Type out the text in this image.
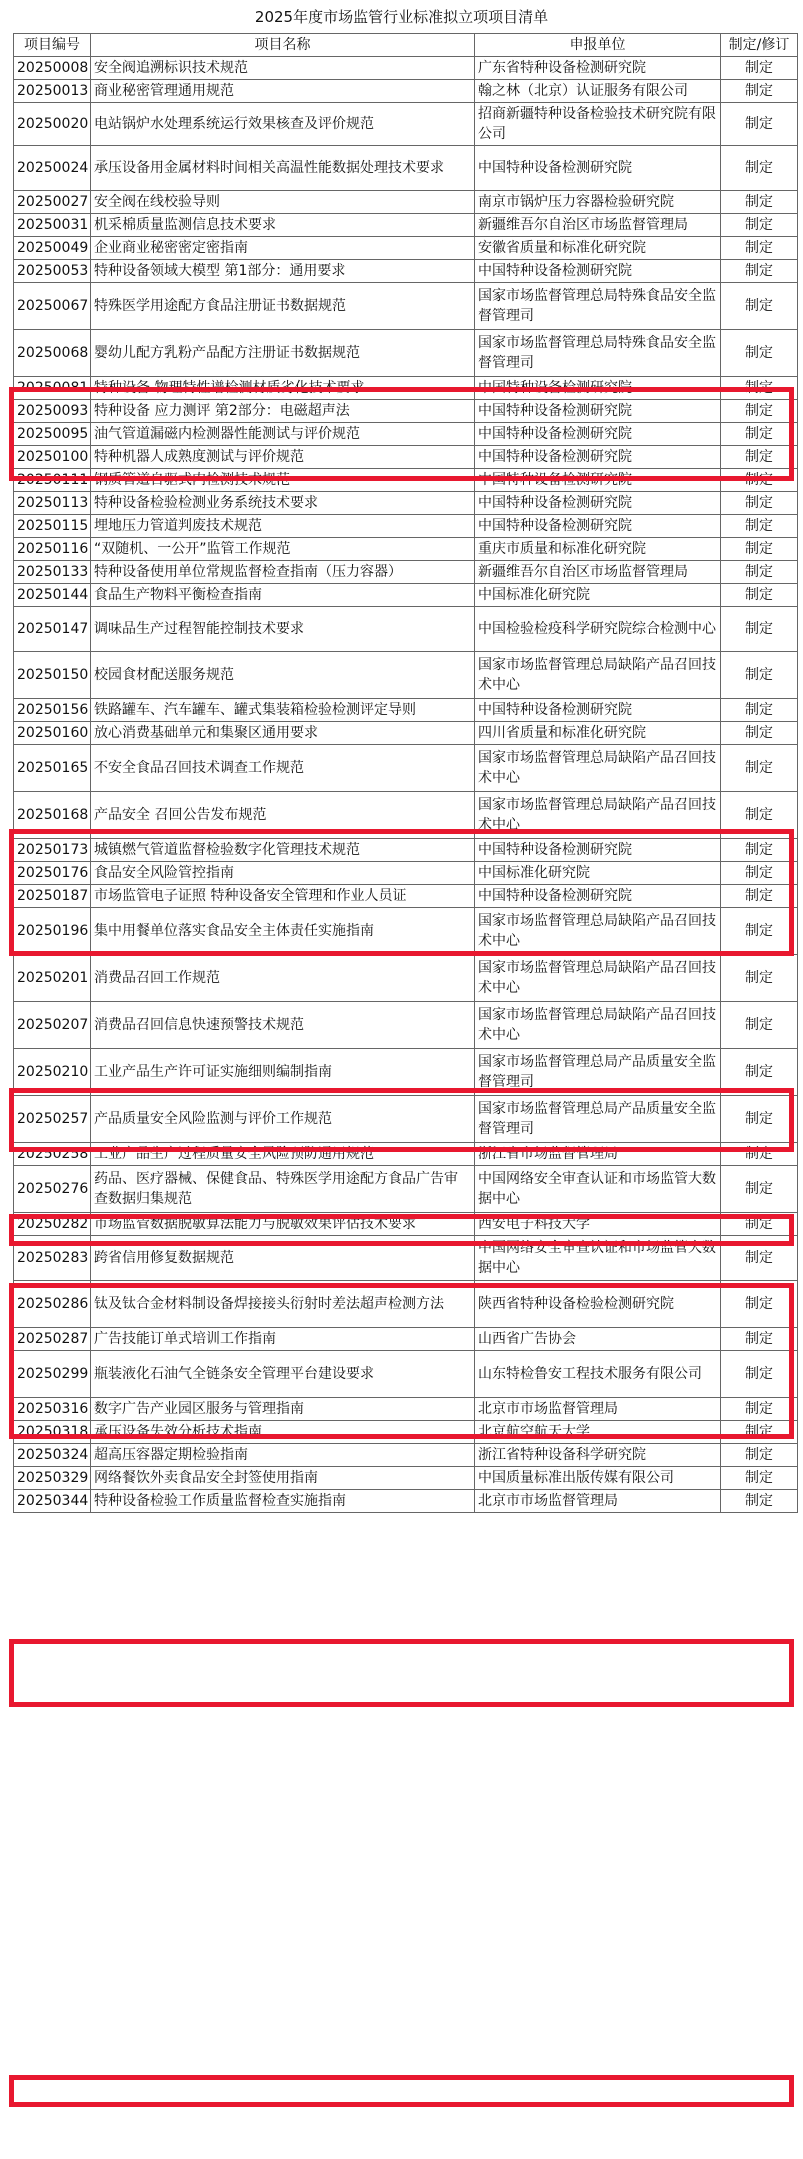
2025年度市场监管行业标准拟立项项目清单
项目编号	项目名称	申报单位	制定/修订
20250008	安全阀追溯标识技术规范	广东省特种设备检测研究院	制定
20250013	商业秘密管理通用规范	翰之林（北京）认证服务有限公司	制定
20250020	电站锅炉水处理系统运行效果核查及评价规范	招商新疆特种设备检验技术研究院有限公司	制定
20250024	承压设备用金属材料时间相关高温性能数据处理技术要求	中国特种设备检测研究院	制定
20250027	安全阀在线校验导则	南京市锅炉压力容器检验研究院	制定
20250031	机采棉质量监测信息技术要求	新疆维吾尔自治区市场监督管理局	制定
20250049	企业商业秘密密定密指南	安徽省质量和标准化研究院	制定
20250053	特种设备领域大模型 第1部分：通用要求	中国特种设备检测研究院	制定
20250067	特殊医学用途配方食品注册证书数据规范	国家市场监督管理总局特殊食品安全监督管理司	制定
20250068	婴幼儿配方乳粉产品配方注册证书数据规范	国家市场监督管理总局特殊食品安全监督管理司	制定
20250081	特种设备 物理特性谱检测材质劣化技术要求	中国特种设备检测研究院	制定
20250093	特种设备 应力测评 第2部分：电磁超声法	中国特种设备检测研究院	制定
20250095	油气管道漏磁内检测器性能测试与评价规范	中国特种设备检测研究院	制定
20250100	特种机器人成熟度测试与评价规范	中国特种设备检测研究院	制定
20250111	钢质管道自驱式内检测技术规范	中国特种设备检测研究院	制定
20250113	特种设备检验检测业务系统技术要求	中国特种设备检测研究院	制定
20250115	埋地压力管道判废技术规范	中国特种设备检测研究院	制定
20250116	“双随机、一公开”监管工作规范	重庆市质量和标准化研究院	制定
20250133	特种设备使用单位常规监督检查指南（压力容器）	新疆维吾尔自治区市场监督管理局	制定
20250144	食品生产物料平衡检查指南	中国标准化研究院	制定
20250147	调味品生产过程智能控制技术要求	中国检验检疫科学研究院综合检测中心	制定
20250150	校园食材配送服务规范	国家市场监督管理总局缺陷产品召回技术中心	制定
20250156	铁路罐车、汽车罐车、罐式集装箱检验检测评定导则	中国特种设备检测研究院	制定
20250160	放心消费基础单元和集聚区通用要求	四川省质量和标准化研究院	制定
20250165	不安全食品召回技术调查工作规范	国家市场监督管理总局缺陷产品召回技术中心	制定
20250168	产品安全 召回公告发布规范	国家市场监督管理总局缺陷产品召回技术中心	制定
20250173	城镇燃气管道监督检验数字化管理技术规范	中国特种设备检测研究院	制定
20250176	食品安全风险管控指南	中国标准化研究院	制定
20250187	市场监管电子证照 特种设备安全管理和作业人员证	中国特种设备检测研究院	制定
20250196	集中用餐单位落实食品安全主体责任实施指南	国家市场监督管理总局缺陷产品召回技术中心	制定
20250201	消费品召回工作规范	国家市场监督管理总局缺陷产品召回技术中心	制定
20250207	消费品召回信息快速预警技术规范	国家市场监督管理总局缺陷产品召回技术中心	制定
20250210	工业产品生产许可证实施细则编制指南	国家市场监督管理总局产品质量安全监督管理司	制定
20250257	产品质量安全风险监测与评价工作规范	国家市场监督管理总局产品质量安全监督管理司	制定
20250258	工业产品生产过程质量安全风险预防通用规范	浙江省市场监督管理局	制定
20250276	药品、医疗器械、保健食品、特殊医学用途配方食品广告审查数据归集规范	中国网络安全审查认证和市场监管大数据中心	制定
20250282	市场监管数据脱敏算法能力与脱敏效果评估技术要求	西安电子科技大学	制定
20250283	跨省信用修复数据规范	中国网络安全审查认证和市场监管大数据中心	制定
20250286	钛及钛合金材料制设备焊接接头衍射时差法超声检测方法	陕西省特种设备检验检测研究院	制定
20250287	广告技能订单式培训工作指南	山西省广告协会	制定
20250299	瓶装液化石油气全链条安全管理平台建设要求	山东特检鲁安工程技术服务有限公司	制定
20250316	数字广告产业园区服务与管理指南	北京市市场监督管理局	制定
20250318	承压设备失效分析技术指南	北京航空航天大学	制定
20250324	超高压容器定期检验指南	浙江省特种设备科学研究院	制定
20250329	网络餐饮外卖食品安全封签使用指南	中国质量标准出版传媒有限公司	制定
20250344	特种设备检验工作质量监督检查实施指南	北京市市场监督管理局	制定
